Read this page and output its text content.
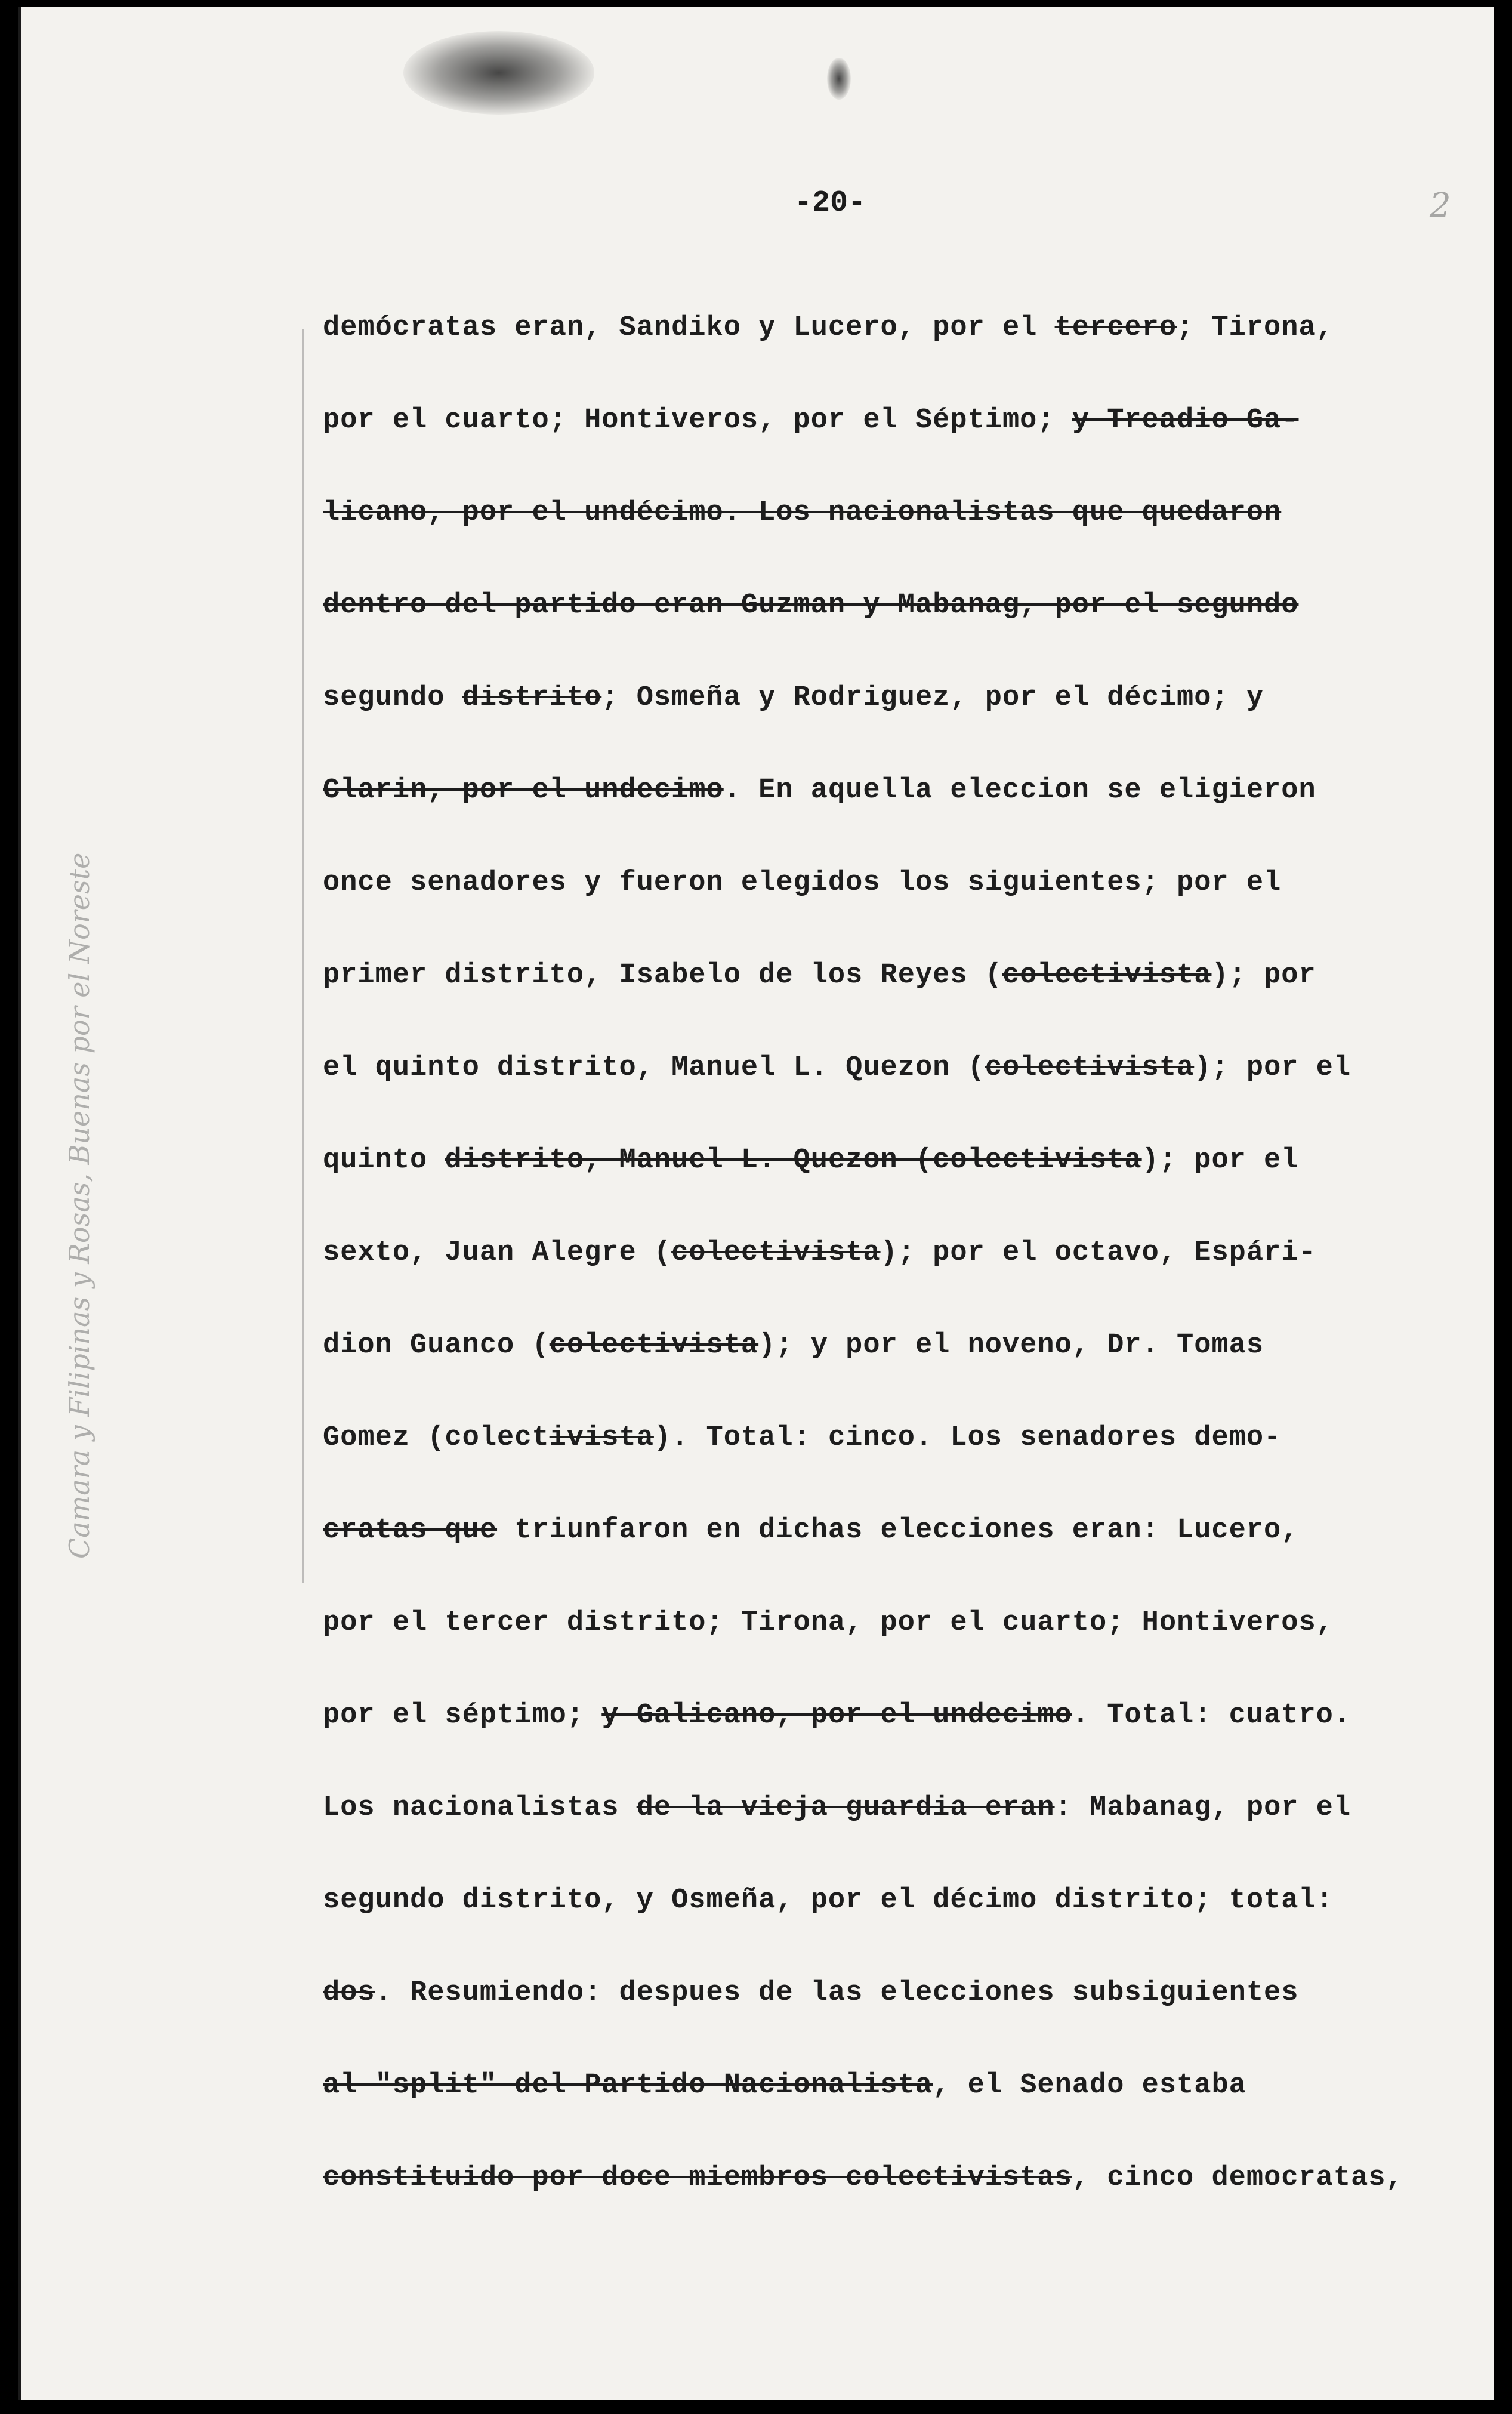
-20-	2
Camara y Filipinas y Rosas, Buenas por el Noreste
demócratas eran, Sandiko y Lucero, por el tercero; Tirona,
por el cuarto; Hontiveros, por el Séptimo; y Treadio Ga-
licano, por el undécimo. Los nacionalistas que quedaron
dentro del partido eran Guzman y Mabanag, por el segundo
segundo distrito; Osmeña y Rodriguez, por el décimo; y
Clarin, por el undecimo. En aquella eleccion se eligieron
once senadores y fueron elegidos los siguientes; por el
primer distrito, Isabelo de los Reyes (colectivista); por
el quinto distrito, Manuel L. Quezon (colectivista); por el
quinto distrito, Manuel L. Quezon (colectivista); por el
sexto, Juan Alegre (colectivista); por el octavo, Espári-
dion Guanco (colectivista); y por el noveno, Dr. Tomas
Gomez (colectivista). Total: cinco. Los senadores demo-
cratas que triunfaron en dichas elecciones eran: Lucero,
por el tercer distrito; Tirona, por el cuarto; Hontiveros,
por el séptimo; y Galicano, por el undecimo. Total: cuatro.
Los nacionalistas de la vieja guardia eran: Mabanag, por el
segundo distrito, y Osmeña, por el décimo distrito; total:
dos. Resumiendo: despues de las elecciones subsiguientes
al "split" del Partido Nacionalista, el Senado estaba
constituido por doce miembros colectivistas, cinco democratas,
